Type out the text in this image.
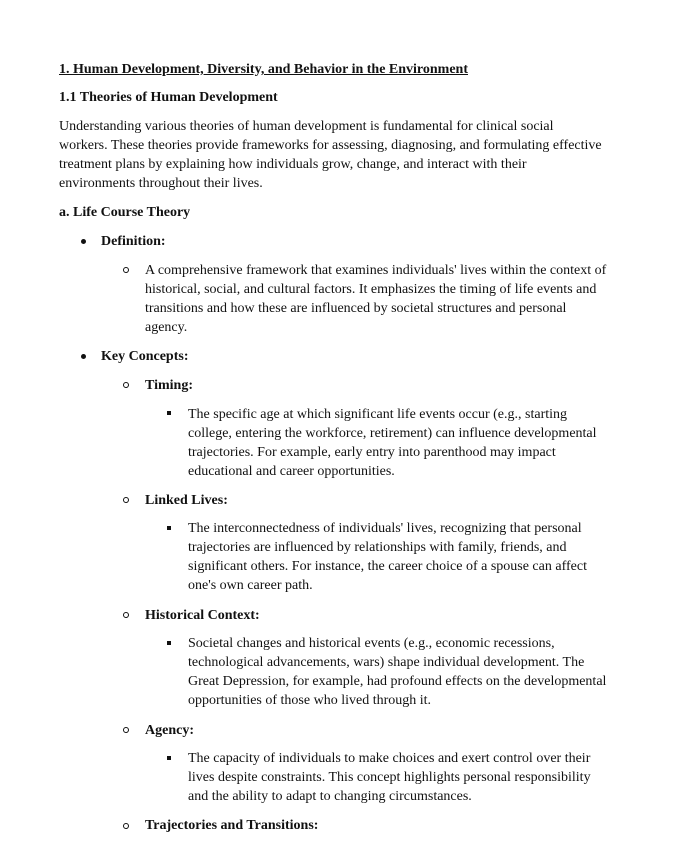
1. Human Development, Diversity, and Behavior in the Environment
1.1 Theories of Human Development
Understanding various theories of human development is fundamental for clinical social
workers. These theories provide frameworks for assessing, diagnosing, and formulating effective
treatment plans by explaining how individuals grow, change, and interact with their
environments throughout their lives.
a. Life Course Theory
Definition:
A comprehensive framework that examines individuals' lives within the context of
historical, social, and cultural factors. It emphasizes the timing of life events and
transitions and how these are influenced by societal structures and personal
agency.
Key Concepts:
Timing:
The specific age at which significant life events occur (e.g., starting
college, entering the workforce, retirement) can influence developmental
trajectories. For example, early entry into parenthood may impact
educational and career opportunities.
Linked Lives:
The interconnectedness of individuals' lives, recognizing that personal
trajectories are influenced by relationships with family, friends, and
significant others. For instance, the career choice of a spouse can affect
one's own career path.
Historical Context:
Societal changes and historical events (e.g., economic recessions,
technological advancements, wars) shape individual development. The
Great Depression, for example, had profound effects on the developmental
opportunities of those who lived through it.
Agency:
The capacity of individuals to make choices and exert control over their
lives despite constraints. This concept highlights personal responsibility
and the ability to adapt to changing circumstances.
Trajectories and Transitions:
